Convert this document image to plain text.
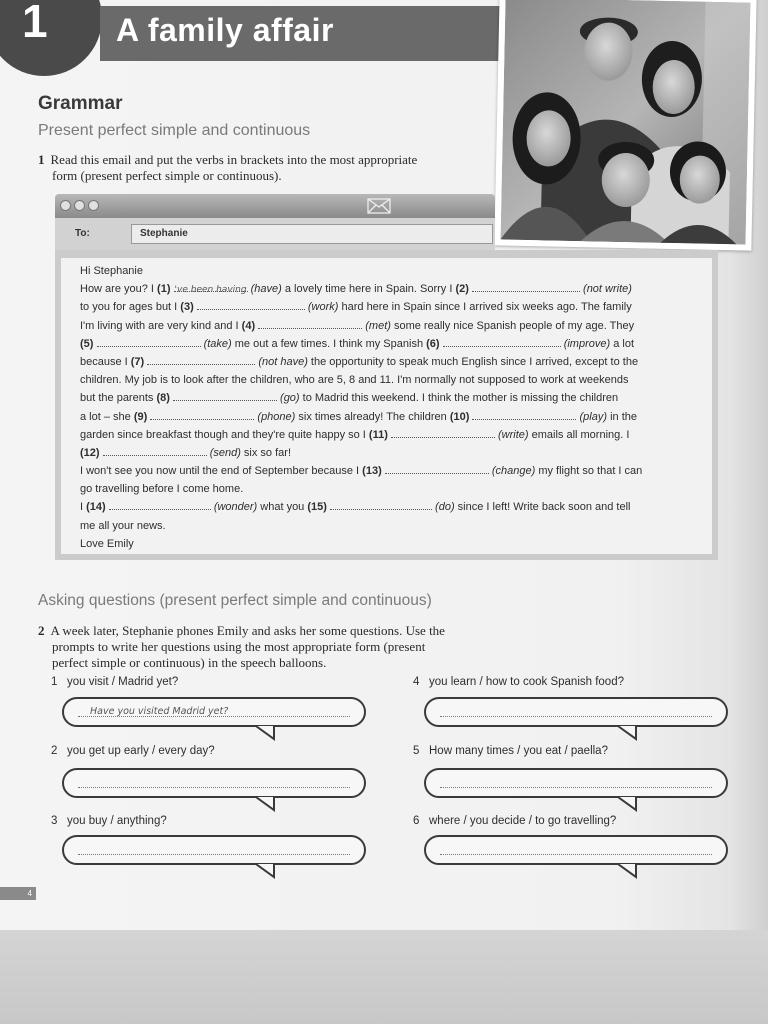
1 A family affair
Grammar
Present perfect simple and continuous
1 Read this email and put the verbs in brackets into the most appropriate
form (present perfect simple or continuous).
To:	Stephanie
Hi Stephanie
How are you? I (1) 've been having (have) a lovely time here in Spain. Sorry I (2)	(not write)
to you for ages but I (3)	(work) hard here in Spain since I arrived six weeks ago. The family
I'm living with are very kind and I (4)	(met) some really nice Spanish people of my age. They
(5)	(take) me out a few times. I think my Spanish (6)	(improve) a lot
because I (7)	(not have) the opportunity to speak much English since I arrived, except to the
children. My job is to look after the children, who are 5, 8 and 11. I'm normally not supposed to work at weekends
but the parents (8)	(go) to Madrid this weekend. I think the mother is missing the children
a lot – she (9)	(phone) six times already! The children (10)	(play) in the
garden since breakfast though and they're quite happy so I (11)	(write) emails all morning. I
(12)	(send) six so far!
I won't see you now until the end of September because I (13)	(change) my flight so that I can
go travelling before I come home.
I (14)	(wonder) what you (15)	(do) since I left! Write back soon and tell
me all your news.
Love Emily
Asking questions (present perfect simple and continuous)
2 A week later, Stephanie phones Emily and asks her some questions. Use the
prompts to write her questions using the most appropriate form (present
perfect simple or continuous) in the speech balloons.
1 you visit / Madrid yet?
Have you visited Madrid yet?
2 you get up early / every day?
3 you buy / anything?
4 you learn / how to cook Spanish food?
5 How many times / you eat / paella?
6 where / you decide / to go travelling?
4
